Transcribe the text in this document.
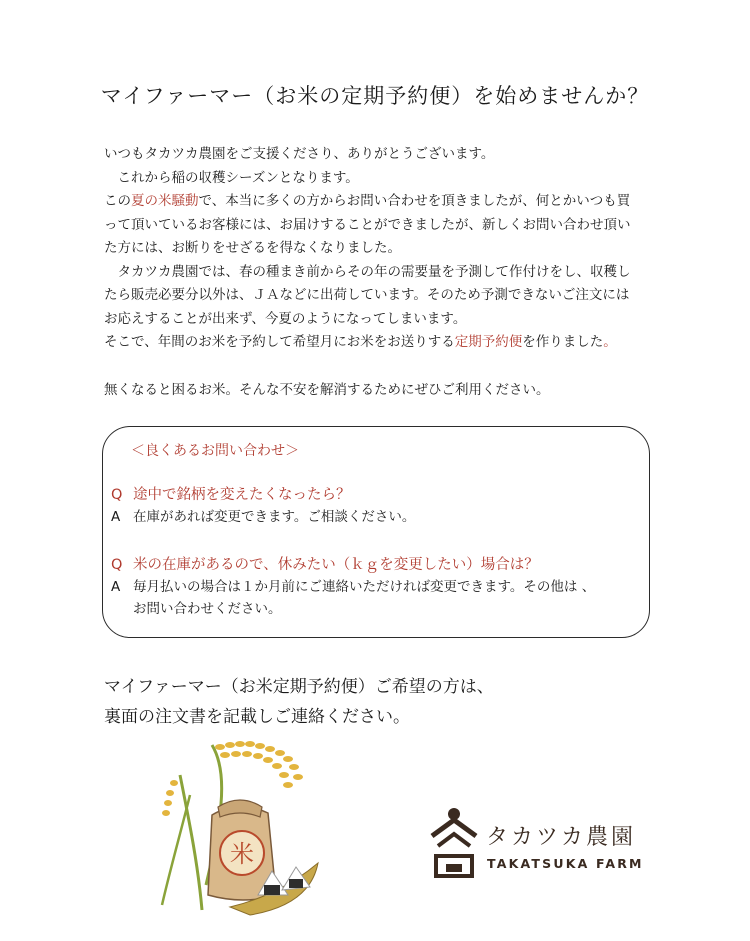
マイファーマー（お米の定期予約便）を始めませんか？

いつもタカツカ農園をご支援くださり、ありがとうございます。

　これから稲の収穫シーズンとなります。

この夏の米騒動で、本当に多くの方からお問い合わせを頂きましたが、何とかいつも買

って頂いているお客様には、お届けすることができましたが、新しくお問い合わせ頂い

た方には、お断りをせざるを得なくなりました。

　タカツカ農園では、春の種まき前からその年の需要量を予測して作付けをし、収穫し

たら販売必要分以外は、ＪＡなどに出荷しています。そのため予測できないご注文には

お応えすることが出来ず、今夏のようになってしまいます。

そこで、年間のお米を予約して希望月にお米をお送りする定期予約便を作りました。

無くなると困るお米。そんな不安を解消するためにぜひご利用ください。

＜良くあるお問い合わせ＞
Q 途中で銘柄を変えたくなったら？
A 在庫があれば変更できます。ご相談ください。
Q 米の在庫があるので、休みたい（ｋｇを変更したい）場合は？
A 毎月払いの場合は１か月前にご連絡いただければ変更できます。その他は 、
お問い合わせください。

マイファーマー（お米定期予約便）ご希望の方は、

裏面の注文書を記載しご連絡ください。

米
タカツカ農園
TAKATSUKA FARM
